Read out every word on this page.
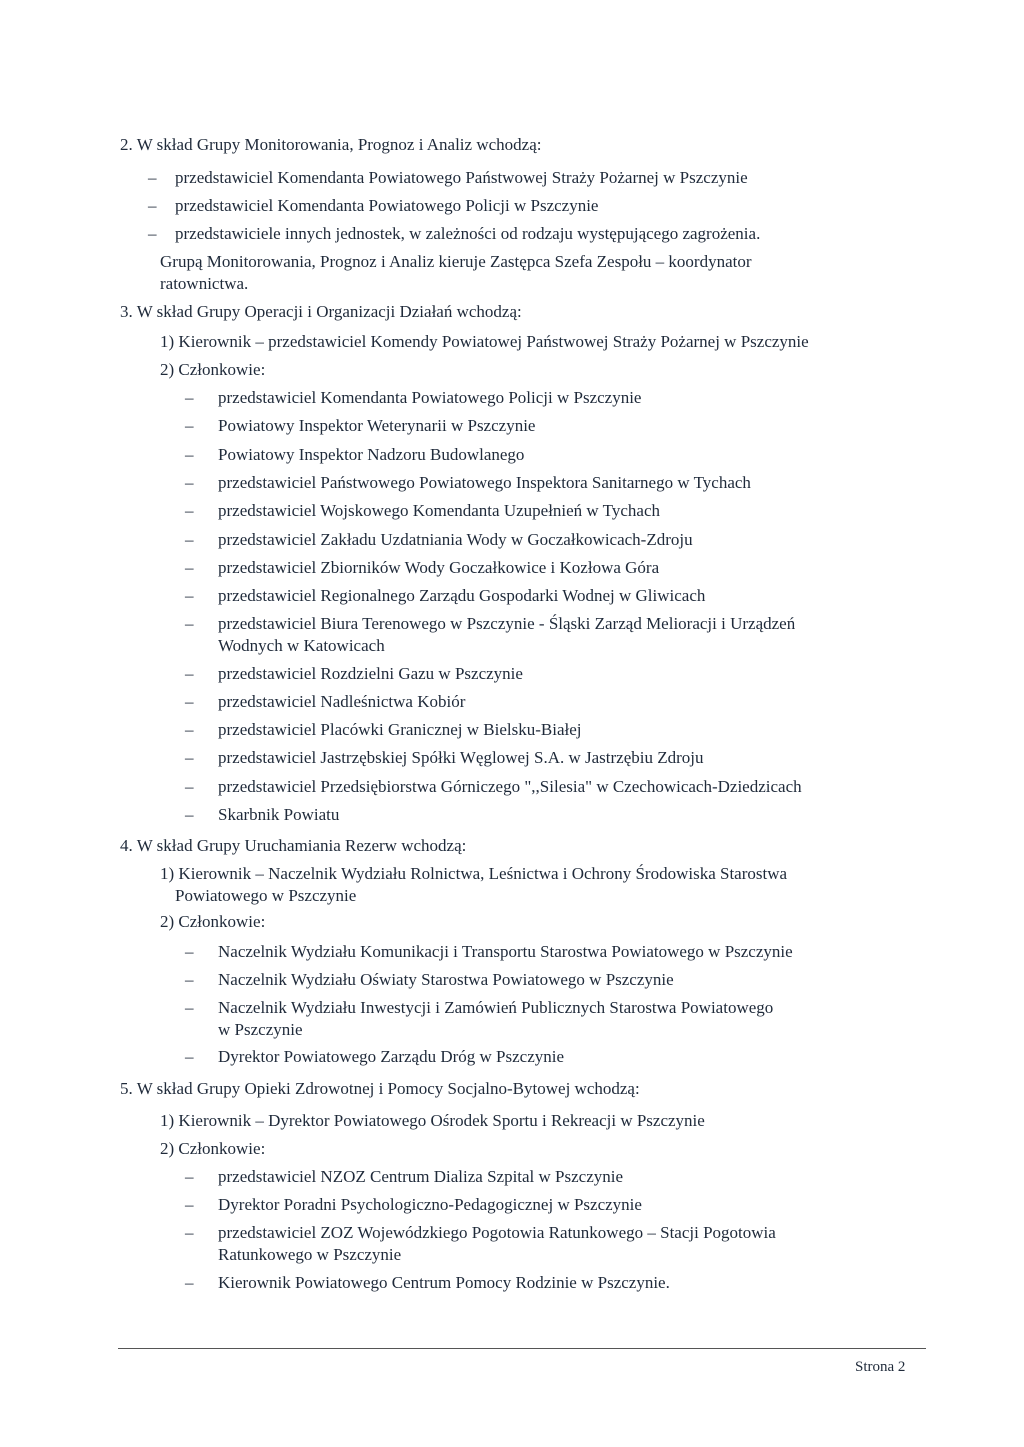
2. W skład Grupy Monitorowania, Prognoz i Analiz wchodzą:
– przedstawiciel Komendanta Powiatowego Państwowej Straży Pożarnej w Pszczynie
– przedstawiciel Komendanta Powiatowego Policji w Pszczynie
– przedstawiciele innych jednostek, w zależności od rodzaju występującego zagrożenia.
Grupą Monitorowania, Prognoz i Analiz kieruje Zastępca Szefa Zespołu – koordynator
ratownictwa.
3. W skład Grupy Operacji i Organizacji Działań wchodzą:
1) Kierownik – przedstawiciel Komendy Powiatowej Państwowej Straży Pożarnej w Pszczynie
2) Członkowie:
– przedstawiciel Komendanta Powiatowego Policji w Pszczynie
– Powiatowy Inspektor Weterynarii w Pszczynie
– Powiatowy Inspektor Nadzoru Budowlanego
– przedstawiciel Państwowego Powiatowego Inspektora Sanitarnego w Tychach
– przedstawiciel Wojskowego Komendanta Uzupełnień w Tychach
– przedstawiciel Zakładu Uzdatniania Wody w Goczałkowicach-Zdroju
– przedstawiciel Zbiorników Wody Goczałkowice i Kozłowa Góra
– przedstawiciel Regionalnego Zarządu Gospodarki Wodnej w Gliwicach
– przedstawiciel Biura Terenowego w Pszczynie - Śląski Zarząd Melioracji i Urządzeń
Wodnych w Katowicach
– przedstawiciel Rozdzielni Gazu w Pszczynie
– przedstawiciel Nadleśnictwa Kobiór
– przedstawiciel Placówki Granicznej w Bielsku-Białej
– przedstawiciel Jastrzębskiej Spółki Węglowej S.A. w Jastrzębiu Zdroju
– przedstawiciel Przedsiębiorstwa Górniczego ",,Silesia" w Czechowicach-Dziedzicach
– Skarbnik Powiatu
4. W skład Grupy Uruchamiania Rezerw wchodzą:
1) Kierownik – Naczelnik Wydziału Rolnictwa, Leśnictwa i Ochrony Środowiska Starostwa
Powiatowego w Pszczynie
2) Członkowie:
– Naczelnik Wydziału Komunikacji i Transportu Starostwa Powiatowego w Pszczynie
– Naczelnik Wydziału Oświaty Starostwa Powiatowego w Pszczynie
– Naczelnik Wydziału Inwestycji i Zamówień Publicznych Starostwa Powiatowego
w Pszczynie
– Dyrektor Powiatowego Zarządu Dróg w Pszczynie
5. W skład Grupy Opieki Zdrowotnej i Pomocy Socjalno-Bytowej wchodzą:
1) Kierownik – Dyrektor Powiatowego Ośrodek Sportu i Rekreacji w Pszczynie
2) Członkowie:
– przedstawiciel NZOZ Centrum Dializa Szpital w Pszczynie
– Dyrektor Poradni Psychologiczno-Pedagogicznej w Pszczynie
– przedstawiciel ZOZ Wojewódzkiego Pogotowia Ratunkowego – Stacji Pogotowia
Ratunkowego w Pszczynie
– Kierownik Powiatowego Centrum Pomocy Rodzinie w Pszczynie.
Strona 2
